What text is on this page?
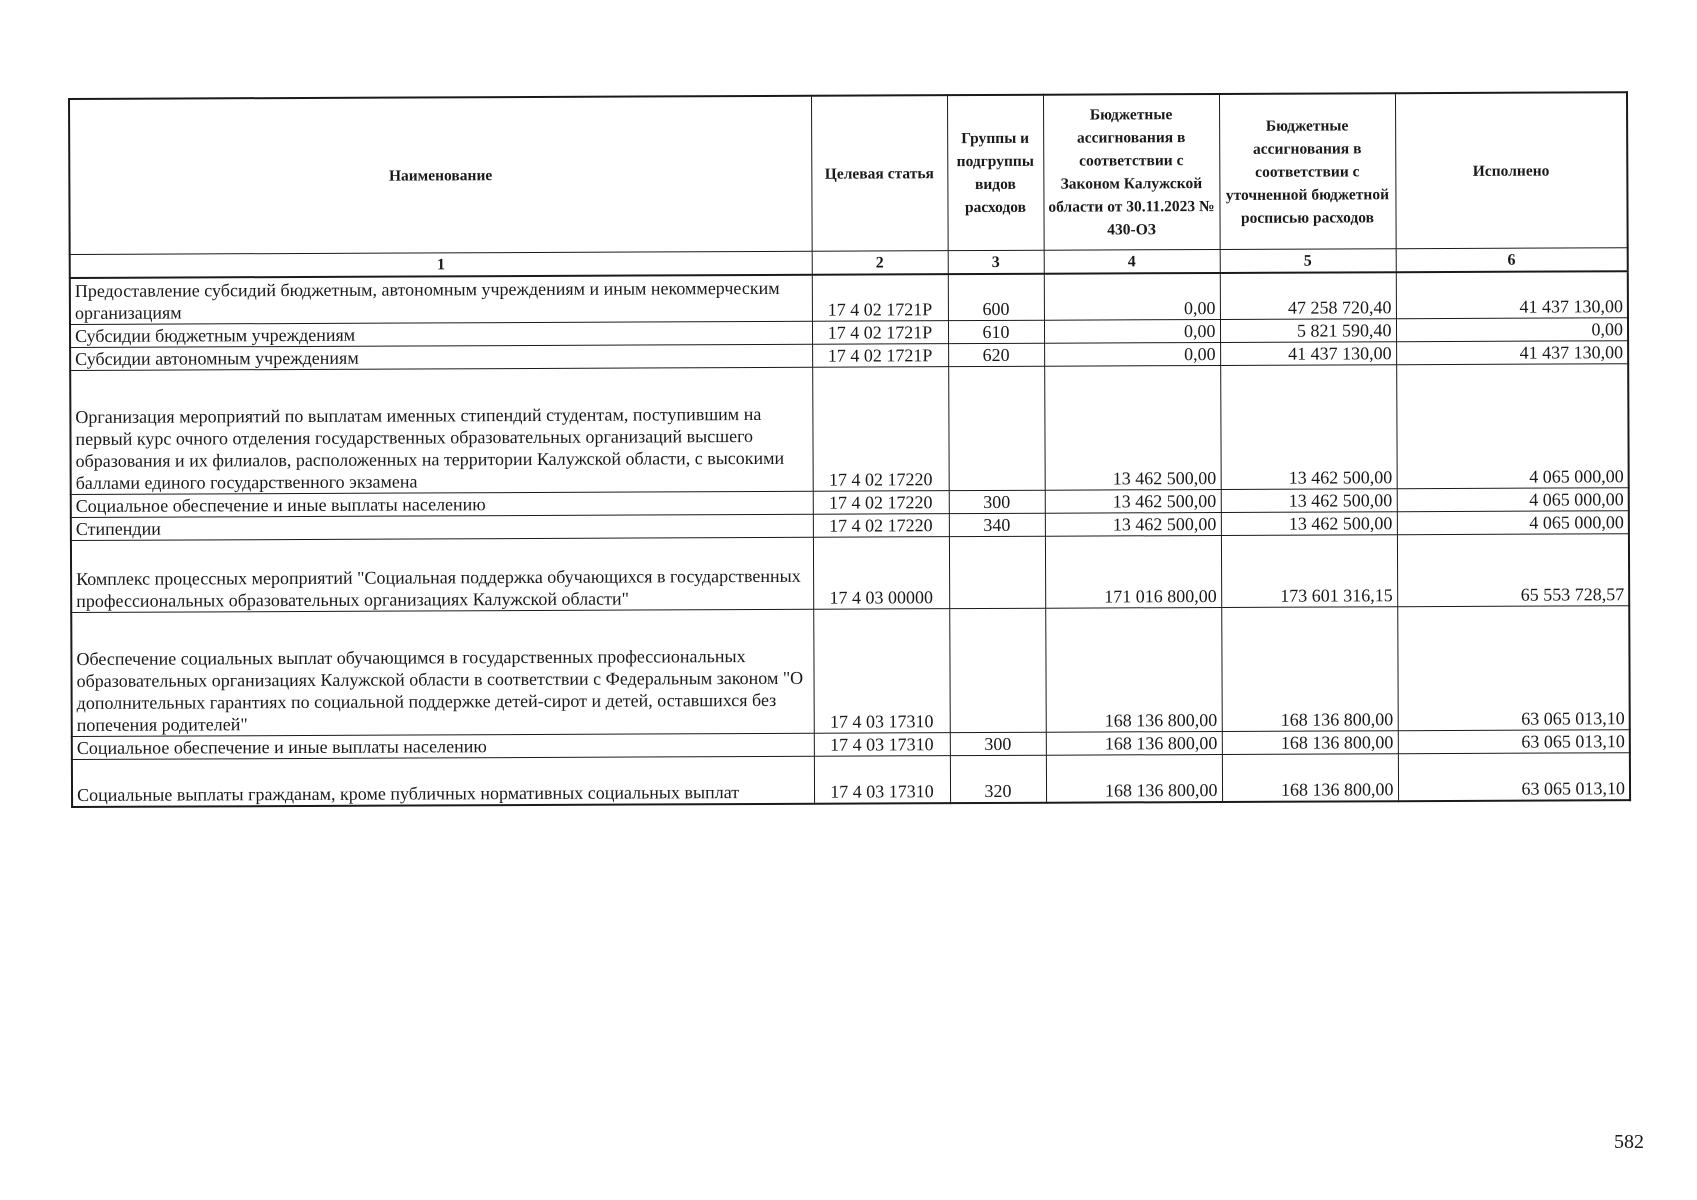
Наименование	Целевая статья	Группы и подгруппы видов расходов	Бюджетные ассигнования в соответствии с Законом Калужской области от 30.11.2023 № 430-ОЗ	Бюджетные ассигнования в соответствии с уточненной бюджетной росписью расходов	Исполнено
1	2	3	4	5	6
Предоставление субсидий бюджетным, автономным учреждениям и иным некоммерческим организациям	17 4 02 1721Р	600	0,00	47 258 720,40	41 437 130,00
Субсидии бюджетным учреждениям	17 4 02 1721Р	610	0,00	5 821 590,40	0,00
Субсидии автономным учреждениям	17 4 02 1721Р	620	0,00	41 437 130,00	41 437 130,00
Организация мероприятий по выплатам именных стипендий студентам, поступившим на первый курс очного отделения государственных образовательных организаций высшего образования и их филиалов, расположенных на территории Калужской области, с высокими баллами единого государственного экзамена	17 4 02 17220		13 462 500,00	13 462 500,00	4 065 000,00
Социальное обеспечение и иные выплаты населению	17 4 02 17220	300	13 462 500,00	13 462 500,00	4 065 000,00
Стипендии	17 4 02 17220	340	13 462 500,00	13 462 500,00	4 065 000,00
Комплекс процессных мероприятий "Социальная поддержка обучающихся в государственных профессиональных образовательных организациях Калужской области"	17 4 03 00000		171 016 800,00	173 601 316,15	65 553 728,57
Обеспечение социальных выплат обучающимся в государственных профессиональных образовательных организациях Калужской области в соответствии с Федеральным законом "О дополнительных гарантиях по социальной поддержке детей-сирот и детей, оставшихся без попечения родителей"	17 4 03 17310		168 136 800,00	168 136 800,00	63 065 013,10
Социальное обеспечение и иные выплаты населению	17 4 03 17310	300	168 136 800,00	168 136 800,00	63 065 013,10
Социальные выплаты гражданам, кроме публичных нормативных социальных выплат	17 4 03 17310	320	168 136 800,00	168 136 800,00	63 065 013,10
582
